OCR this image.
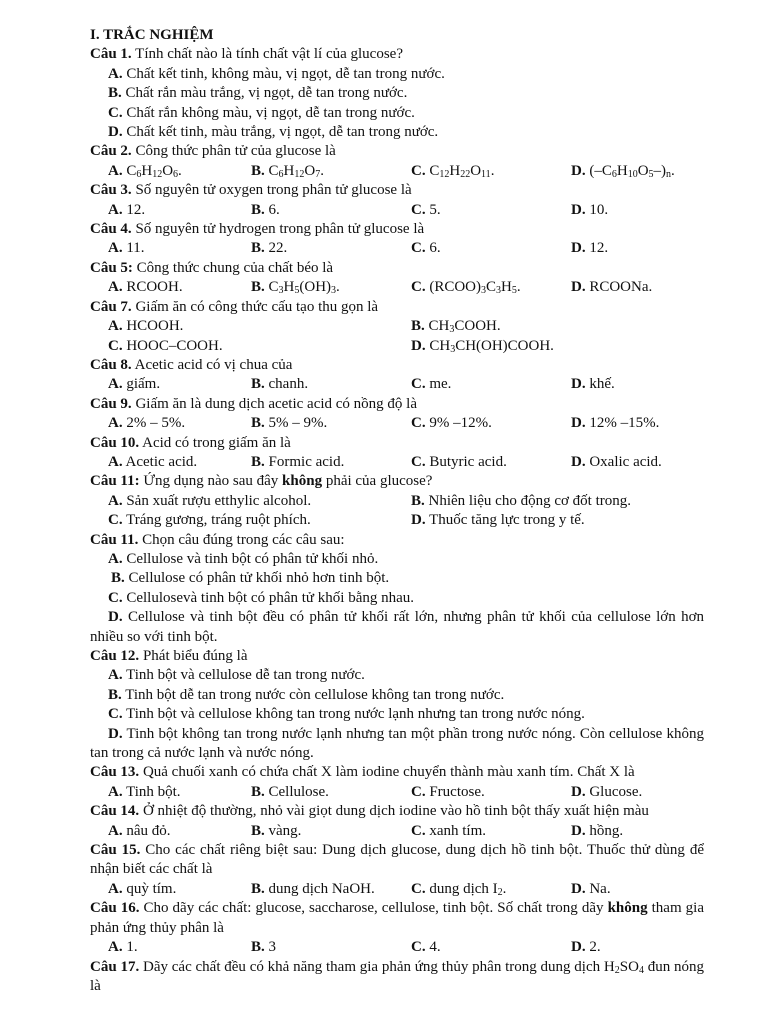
I. TRẮC NGHIỆM
Câu 1. Tính chất nào là tính chất vật lí của glucose?
A. Chất kết tinh, không màu, vị ngọt, dễ tan trong nước.
B. Chất rắn màu trắng, vị ngọt, dễ tan trong nước.
C. Chất rắn không màu, vị ngọt, dễ tan trong nước.
D. Chất kết tinh, màu trắng, vị ngọt, dễ tan trong nước.
Câu 2. Công thức phân tử của glucose là
A. $C_6H_{12}O_6$.	B. $C_6H_{12}O_7$.	C. $C_{12}H_{22}O_{11}$.	D. $(-C_6H_{10}O_5-)_n$.
Câu 3. Số nguyên tử oxygen trong phân tử glucose là
A. 12.	B. 6.	C. 5.	D. 10.
Câu 4. Số nguyên tử hydrogen trong phân tử glucose là
A. 11.	B. 22.	C. 6.	D. 12.
Câu 5: Công thức chung của chất béo là
A. RCOOH.	B. $C_3H_5(OH)_3$.	C. $(RCOO)_3C_3H_5$.	D. RCOONa.
Câu 7. Giấm ăn có công thức cấu tạo thu gọn là
A. HCOOH.	B. $CH_3COOH$.
C. HOOC–COOH.	D. $CH_3CH(OH)COOH$.
Câu 8. Acetic acid có vị chua của
A. giấm.	B. chanh.	C. me.	D. khế.
Câu 9. Giấm ăn là dung dịch acetic acid có nồng độ là
A. 2% – 5%.	B. 5% – 9%.	C. 9% –12%.	D. 12% –15%.
Câu 10. Acid có trong giấm ăn là
A. Acetic acid.	B. Formic acid.	C. Butyric acid.	D. Oxalic acid.
Câu 11: Ứng dụng nào sau đây không phải của glucose?
A. Sản xuất rượu etthylic alcohol.	B. Nhiên liệu cho động cơ đốt trong.
C. Tráng gương, tráng ruột phích.	D. Thuốc tăng lực trong y tế.
Câu 11. Chọn câu đúng trong các câu sau:
A. Cellulose và tinh bột có phân tử khối nhỏ.
B. Cellulose có phân tử khối nhỏ hơn tinh bột.
C. Cellulosevà tinh bột có phân tử khối bằng nhau.
D. Cellulose và tinh bột đều có phân tử khối rất lớn, nhưng phân tử khối của cellulose lớn hơn nhiều so với tinh bột.
Câu 12. Phát biểu đúng là
A. Tinh bột và cellulose dễ tan trong nước.
B. Tinh bột dễ tan trong nước còn cellulose không tan trong nước.
C. Tinh bột và cellulose không tan trong nước lạnh nhưng tan trong nước nóng.
D. Tinh bột không tan trong nước lạnh nhưng tan một phần trong nước nóng. Còn cellulose không tan trong cả nước lạnh và nước nóng.
Câu 13. Quả chuối xanh có chứa chất X làm iodine chuyển thành màu xanh tím. Chất X là
A. Tinh bột.	B. Cellulose.	C. Fructose.	D. Glucose.
Câu 14. Ở nhiệt độ thường, nhỏ vài giọt dung dịch iodine vào hồ tinh bột thấy xuất hiện màu
A. nâu đỏ.	B. vàng.	C. xanh tím.	D. hồng.
Câu 15. Cho các chất riêng biệt sau: Dung dịch glucose, dung dịch hồ tinh bột. Thuốc thử dùng để nhận biết các chất là
A. quỳ tím.	B. dung dịch NaOH.	C. dung dịch $I_2$.	D. Na.
Câu 16. Cho dãy các chất: glucose, saccharose, cellulose, tinh bột. Số chất trong dãy không tham gia phản ứng thủy phân là
A. 1.	B. 3	C. 4.	D. 2.
Câu 17. Dãy các chất đều có khả năng tham gia phản ứng thủy phân trong dung dịch $H_2SO_4$ đun nóng là
